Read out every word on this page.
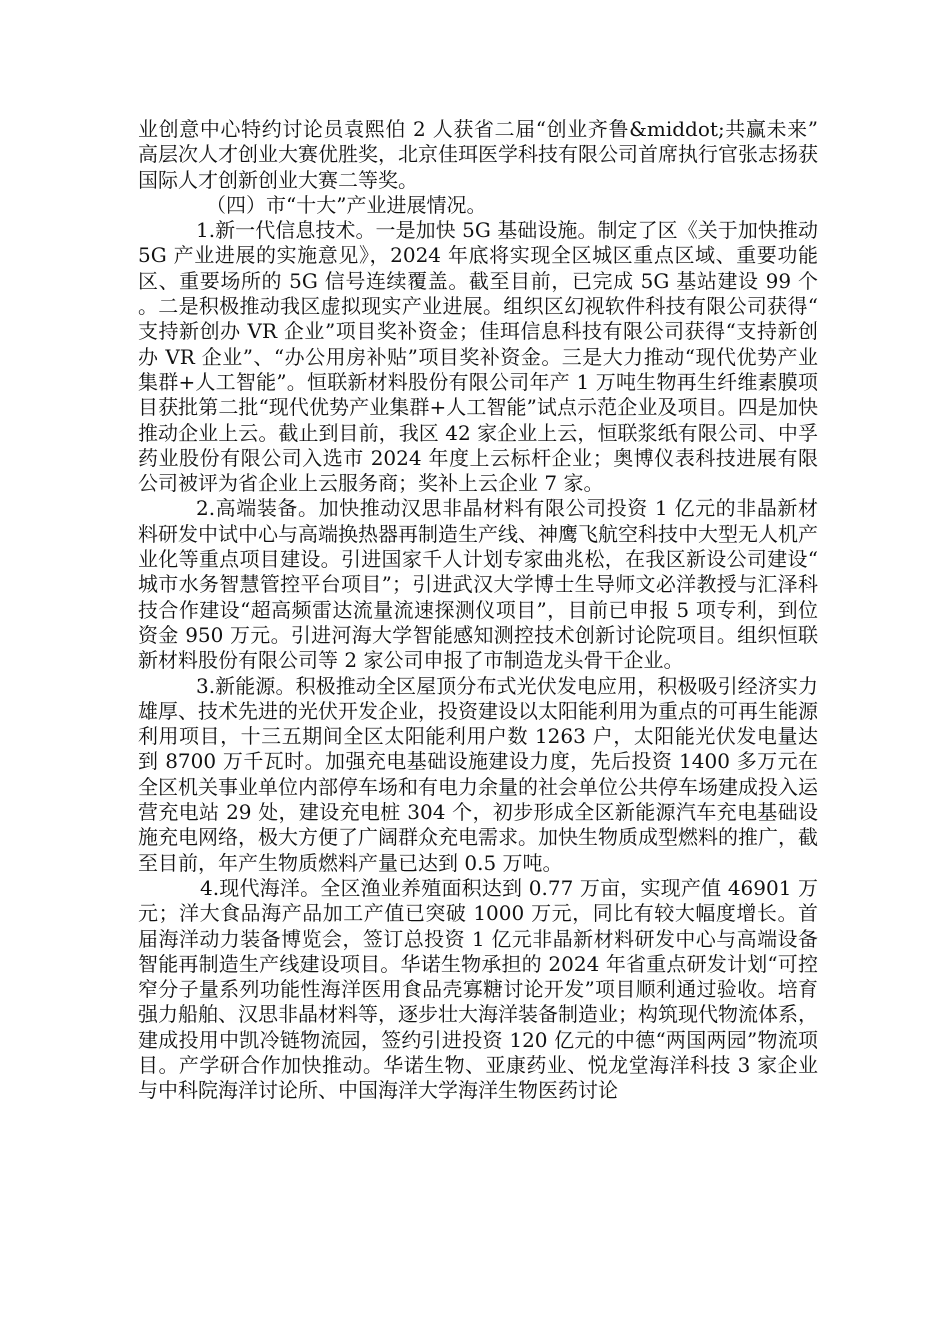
业创意中心特约讨论员袁熙伯 2 人获省二届“创业齐鲁&middot;共赢未来”高层次人才创业大赛优胜奖，北京佳珥医学科技有限公司首席执行官张志扬获国际人才创新创业大赛二等奖。

（四）市“十大”产业进展情况。

1.新一代信息技术。一是加快 5G 基础设施。制定了区《关于加快推动 5G 产业进展的实施意见》，2024 年底将实现全区城区重点区域、重要功能区、重要场所的 5G 信号连续覆盖。截至目前，已完成 5G 基站建设 99 个。二是积极推动我区虚拟现实产业进展。组织区幻视软件科技有限公司获得“支持新创办 VR 企业”项目奖补资金；佳珥信息科技有限公司获得“支持新创办 VR 企业”、“办公用房补贴”项目奖补资金。三是大力推动“现代优势产业集群+人工智能”。恒联新材料股份有限公司年产 1 万吨生物再生纤维素膜项目获批第二批“现代优势产业集群+人工智能”试点示范企业及项目。四是加快推动企业上云。截止到目前，我区 42 家企业上云，恒联浆纸有限公司、中孚药业股份有限公司入选市 2024 年度上云标杆企业；奥博仪表科技进展有限公司被评为省企业上云服务商；奖补上云企业 7 家。

2.高端装备。加快推动汉思非晶材料有限公司投资 1 亿元的非晶新材料研发中试中心与高端换热器再制造生产线、神鹰飞航空科技中大型无人机产业化等重点项目建设。引进国家千人计划专家曲兆松，在我区新设公司建设“城市水务智慧管控平台项目”；引进武汉大学博士生导师文必洋教授与汇泽科技合作建设“超高频雷达流量流速探测仪项目”，目前已申报 5 项专利，到位资金 950 万元。引进河海大学智能感知测控技术创新讨论院项目。组织恒联新材料股份有限公司等 2 家公司申报了市制造龙头骨干企业。

3.新能源。积极推动全区屋顶分布式光伏发电应用，积极吸引经济实力雄厚、技术先进的光伏开发企业，投资建设以太阳能利用为重点的可再生能源利用项目，十三五期间全区太阳能利用户数 1263 户，太阳能光伏发电量达到 8700 万千瓦时。加强充电基础设施建设力度，先后投资 1400 多万元在全区机关事业单位内部停车场和有电力余量的社会单位公共停车场建成投入运营充电站 29 处，建设充电桩 304 个，初步形成全区新能源汽车充电基础设施充电网络，极大方便了广阔群众充电需求。加快生物质成型燃料的推广，截至目前，年产生物质燃料产量已达到 0.5 万吨。

4.现代海洋。全区渔业养殖面积达到 0.77 万亩，实现产值 46901 万元；洋大食品海产品加工产值已突破 1000 万元，同比有较大幅度增长。首届海洋动力装备博览会，签订总投资 1 亿元非晶新材料研发中心与高端设备智能再制造生产线建设项目。华诺生物承担的 2024 年省重点研发计划“可控窄分子量系列功能性海洋医用食品壳寡糖讨论开发”项目顺利通过验收。培育强力船舶、汉思非晶材料等，逐步壮大海洋装备制造业；构筑现代物流体系，建成投用中凯冷链物流园，签约引进投资 120 亿元的中德“两国两园”物流项目。产学研合作加快推动。华诺生物、亚康药业、悦龙堂海洋科技 3 家企业与中科院海洋讨论所、中国海洋大学海洋生物医药讨论
